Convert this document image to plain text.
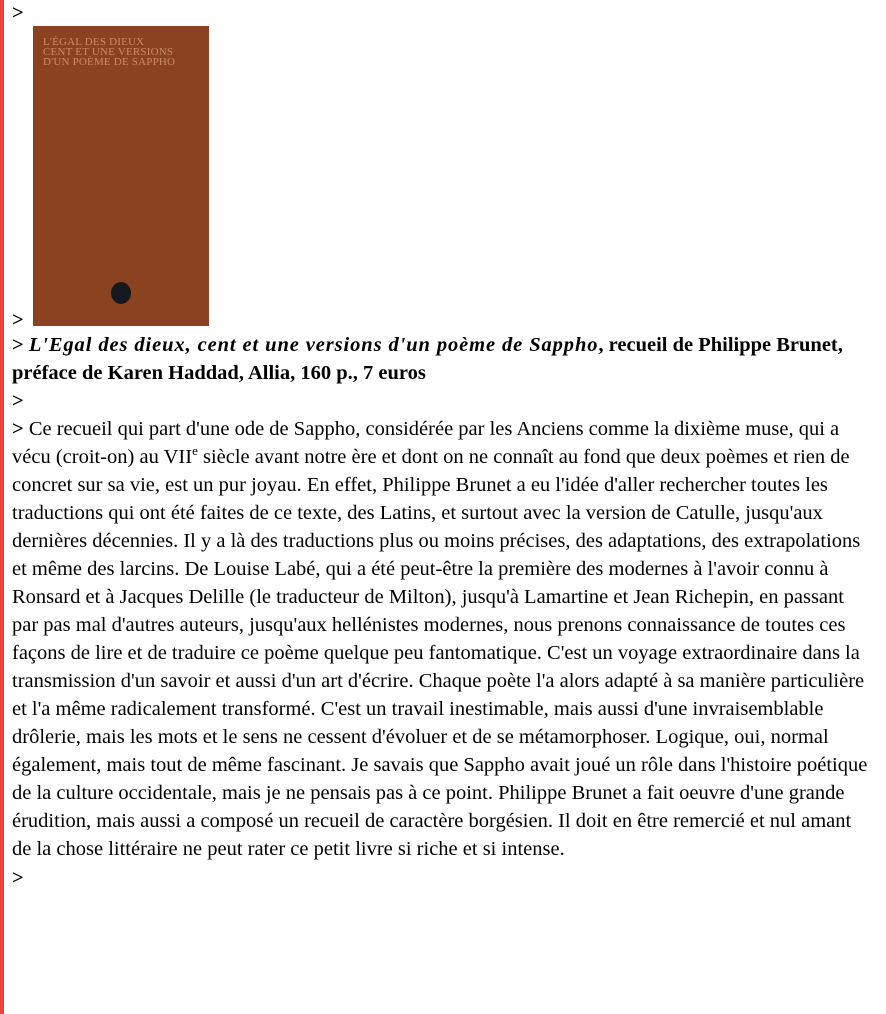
>
L'ÉGAL DES DIEUX
CENT ET UNE VERSIONS
D'UN POÈME DE SAPPHO
>
> L'Egal des dieux, cent et une versions d'un poème de Sappho, recueil de Philippe Brunet, préface de Karen Haddad, Allia, 160 p., 7 euros
>
> Ce recueil qui part d'une ode de Sappho, considérée par les Anciens comme la dixième muse, qui a vécu (croit-on) au VIIe siècle avant notre ère et dont on ne connaît au fond que deux poèmes et rien de concret sur sa vie, est un pur joyau. En effet, Philippe Brunet a eu l'idée d'aller rechercher toutes les traductions qui ont été faites de ce texte, des Latins, et surtout avec la version de Catulle, jusqu'aux dernières décennies. Il y a là des traductions plus ou moins précises, des adaptations, des extrapolations et même des larcins. De Louise Labé, qui a été peut-être la première des modernes à l'avoir connu à Ronsard et à Jacques Delille (le traducteur de Milton), jusqu'à Lamartine et Jean Richepin, en passant par pas mal d'autres auteurs, jusqu'aux hellénistes modernes, nous prenons connaissance de toutes ces façons de lire et de traduire ce poème quelque peu fantomatique. C'est un voyage extraordinaire dans la transmission d'un savoir et aussi d'un art d'écrire. Chaque poète l'a alors adapté à sa manière particulière et l'a même radicalement transformé. C'est un travail inestimable, mais aussi d'une invraisemblable drôlerie, mais les mots et le sens ne cessent d'évoluer et de se métamorphoser. Logique, oui, normal également, mais tout de même fascinant. Je savais que Sappho avait joué un rôle dans l'histoire poétique de la culture occidentale, mais je ne pensais pas à ce point. Philippe Brunet a fait oeuvre d'une grande érudition, mais aussi a composé un recueil de caractère borgésien. Il doit en être remercié et nul amant de la chose littéraire ne peut rater ce petit livre si riche et si intense.
>
